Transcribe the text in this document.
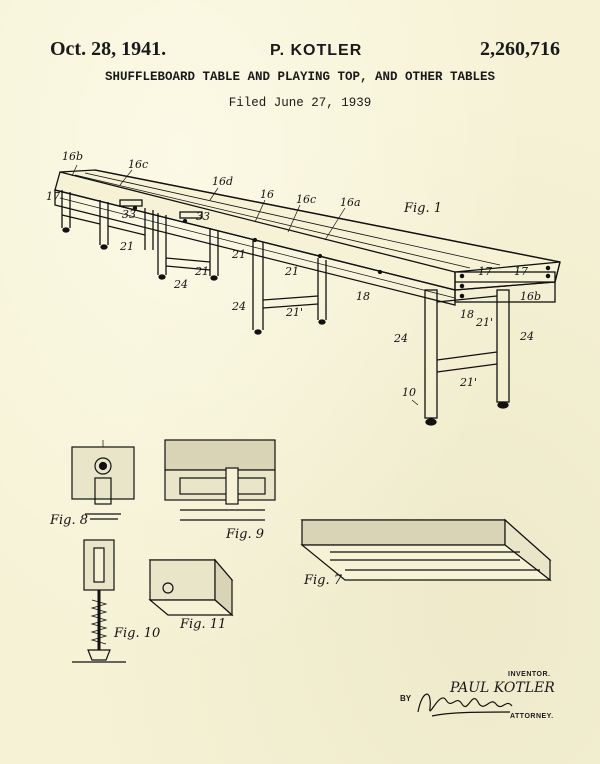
Oct. 28, 1941.	P. KOTLER	2,260,716
SHUFFLEBOARD TABLE AND PLAYING TOP, AND OTHER TABLES
Filed June 27, 1939
16b
16c
16d
16 16c 16a	Fig. 1
17
33	33
21
21
21	21
24
24
24	24
18
18
21'
21'
21'
17 17
16b
10
Fig. 8
Fig. 9
Fig. 7
Fig. 10
Fig. 11
INVENTOR.
PAUL KOTLER
BY
ATTORNEY.
